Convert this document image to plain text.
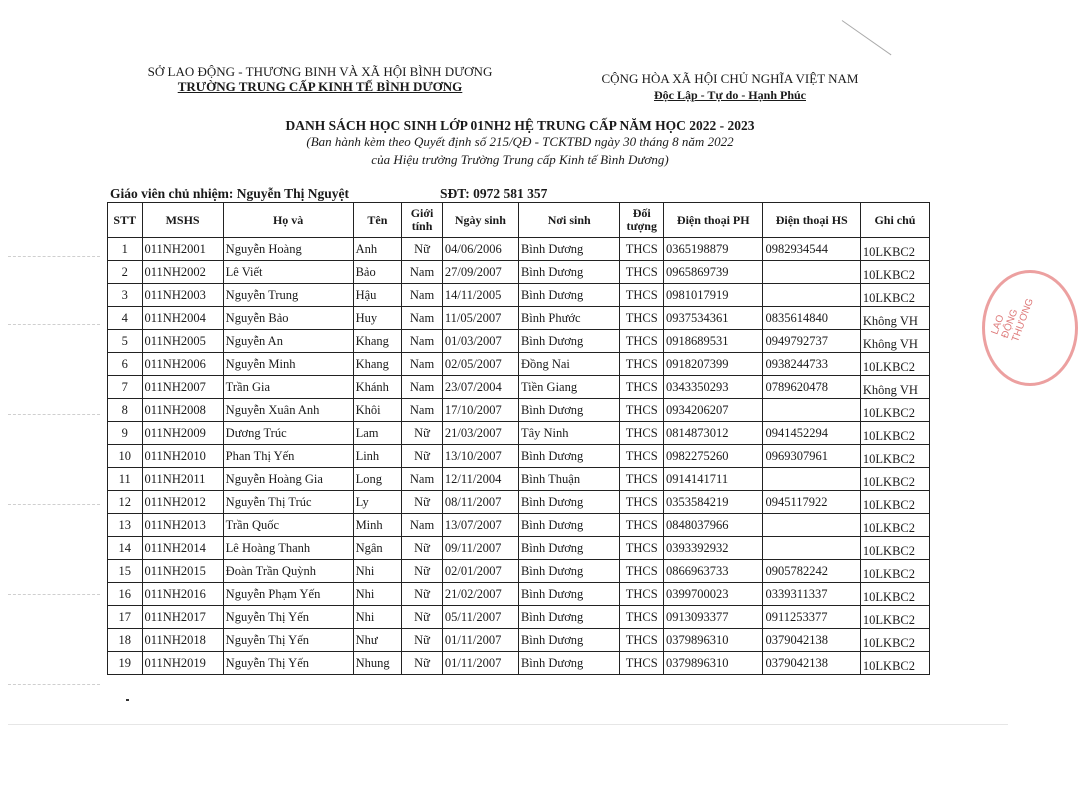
SỞ LAO ĐỘNG - THƯƠNG BINH VÀ XÃ HỘI BÌNH DƯƠNG
TRƯỜNG TRUNG CẤP KINH TẾ BÌNH DƯƠNG
CỘNG HÒA XÃ HỘI CHỦ NGHĨA VIỆT NAM
Độc Lập - Tự do - Hạnh Phúc
DANH SÁCH HỌC SINH LỚP 01NH2 HỆ TRUNG CẤP NĂM HỌC 2022 - 2023
(Ban hành kèm theo Quyết định số 215/QĐ - TCKTBD ngày 30 tháng 8 năm 2022
của Hiệu trưởng Trường Trung cấp Kinh tế Bình Dương)
Giáo viên chủ nhiệm: Nguyễn Thị Nguyệt	SĐT: 0972 581 357
STT	MSHS	Họ và	Tên	Giới tính	Ngày sinh	Nơi sinh	Đối tượng	Điện thoại PH	Điện thoại HS	Ghi chú
1	011NH2001	Nguyễn Hoàng	Anh	Nữ	04/06/2006	Bình Dương	THCS	0365198879	0982934544	10LKBC2
2	011NH2002	Lê Viết	Bảo	Nam	27/09/2007	Bình Dương	THCS	0965869739		10LKBC2
3	011NH2003	Nguyễn Trung	Hậu	Nam	14/11/2005	Bình Dương	THCS	0981017919		10LKBC2
4	011NH2004	Nguyễn Bảo	Huy	Nam	11/05/2007	Bình Phước	THCS	0937534361	0835614840	Không VH
5	011NH2005	Nguyễn An	Khang	Nam	01/03/2007	Bình Dương	THCS	0918689531	0949792737	Không VH
6	011NH2006	Nguyễn Minh	Khang	Nam	02/05/2007	Đồng Nai	THCS	0918207399	0938244733	10LKBC2
7	011NH2007	Trần Gia	Khánh	Nam	23/07/2004	Tiền Giang	THCS	0343350293	0789620478	Không VH
8	011NH2008	Nguyễn Xuân Anh	Khôi	Nam	17/10/2007	Bình Dương	THCS	0934206207		10LKBC2
9	011NH2009	Dương Trúc	Lam	Nữ	21/03/2007	Tây Ninh	THCS	0814873012	0941452294	10LKBC2
10	011NH2010	Phan Thị Yến	Linh	Nữ	13/10/2007	Bình Dương	THCS	0982275260	0969307961	10LKBC2
11	011NH2011	Nguyễn Hoàng Gia	Long	Nam	12/11/2004	Bình Thuận	THCS	0914141711		10LKBC2
12	011NH2012	Nguyễn Thị Trúc	Ly	Nữ	08/11/2007	Bình Dương	THCS	0353584219	0945117922	10LKBC2
13	011NH2013	Trần Quốc	Minh	Nam	13/07/2007	Bình Dương	THCS	0848037966		10LKBC2
14	011NH2014	Lê Hoàng Thanh	Ngân	Nữ	09/11/2007	Bình Dương	THCS	0393392932		10LKBC2
15	011NH2015	Đoàn Trần Quỳnh	Nhi	Nữ	02/01/2007	Bình Dương	THCS	0866963733	0905782242	10LKBC2
16	011NH2016	Nguyễn Phạm Yến	Nhi	Nữ	21/02/2007	Bình Dương	THCS	0399700023	0339311337	10LKBC2
17	011NH2017	Nguyễn Thị Yến	Nhi	Nữ	05/11/2007	Bình Dương	THCS	0913093377	0911253377	10LKBC2
18	011NH2018	Nguyễn Thị Yến	Như	Nữ	01/11/2007	Bình Dương	THCS	0379896310	0379042138	10LKBC2
19	011NH2019	Nguyễn Thị Yến	Nhung	Nữ	01/11/2007	Bình Dương	THCS	0379896310	0379042138	10LKBC2
LAO ĐỘNG THƯƠNG
